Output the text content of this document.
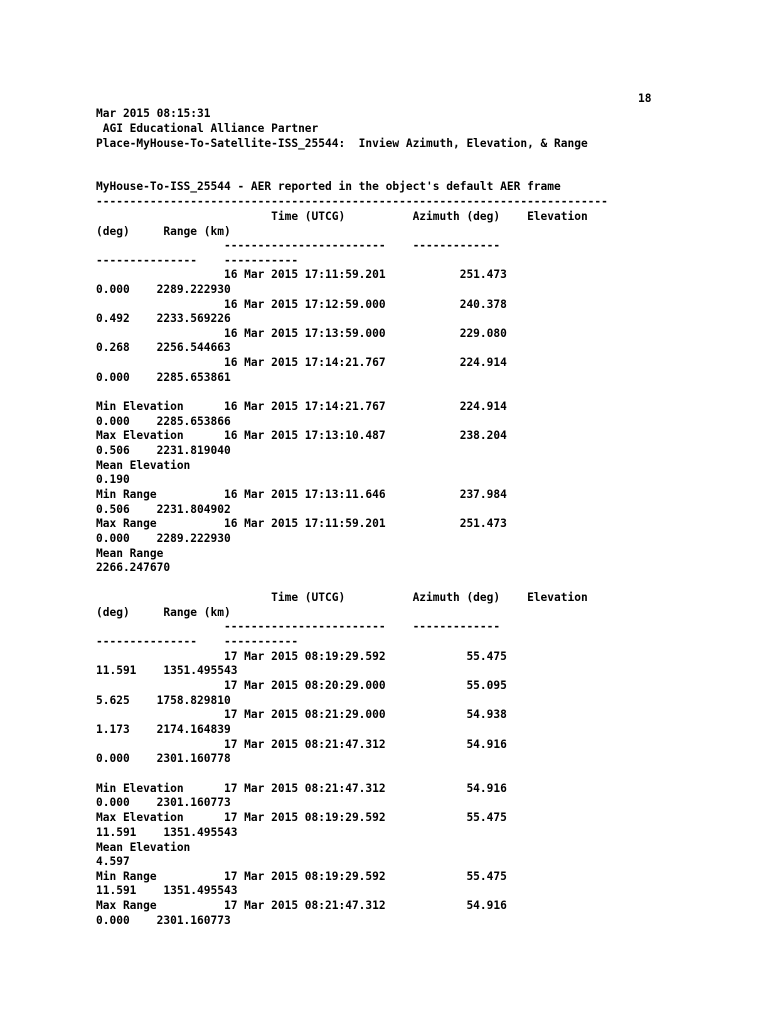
18
Mar 2015 08:15:31
AGI Educational Alliance Partner
Place-MyHouse-To-Satellite-ISS_25544:  Inview Azimuth, Elevation, & Range
MyHouse-To-ISS_25544 - AER reported in the object's default AER frame
----------------------------------------------------------------------------
Time (UTCG)          Azimuth (deg)    Elevation
(deg)     Range (km)
------------------------    -------------
---------------    -----------
16 Mar 2015 17:11:59.201           251.473
0.000    2289.222930
16 Mar 2015 17:12:59.000           240.378
0.492    2233.569226
16 Mar 2015 17:13:59.000           229.080
0.268    2256.544663
16 Mar 2015 17:14:21.767           224.914
0.000    2285.653861
Min Elevation      16 Mar 2015 17:14:21.767           224.914
0.000    2285.653866
Max Elevation      16 Mar 2015 17:13:10.487           238.204
0.506    2231.819040
Mean Elevation
0.190
Min Range          16 Mar 2015 17:13:11.646           237.984
0.506    2231.804902
Max Range          16 Mar 2015 17:11:59.201           251.473
0.000    2289.222930
Mean Range
2266.247670
Time (UTCG)          Azimuth (deg)    Elevation
(deg)     Range (km)
------------------------    -------------
---------------    -----------
17 Mar 2015 08:19:29.592            55.475
11.591    1351.495543
17 Mar 2015 08:20:29.000            55.095
5.625    1758.829810
17 Mar 2015 08:21:29.000            54.938
1.173    2174.164839
17 Mar 2015 08:21:47.312            54.916
0.000    2301.160778
Min Elevation      17 Mar 2015 08:21:47.312            54.916
0.000    2301.160773
Max Elevation      17 Mar 2015 08:19:29.592            55.475
11.591    1351.495543
Mean Elevation
4.597
Min Range          17 Mar 2015 08:19:29.592            55.475
11.591    1351.495543
Max Range          17 Mar 2015 08:21:47.312            54.916
0.000    2301.160773
